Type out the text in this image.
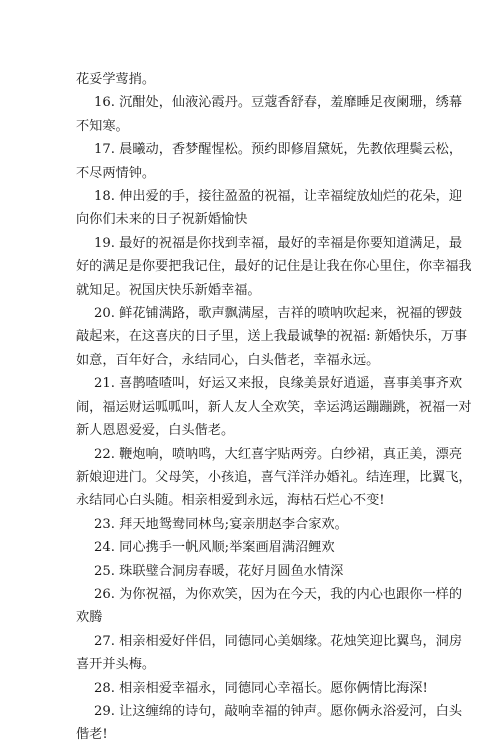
花妥学莺捎。

16. 沉酣处，仙液沁霞丹。豆蔻香舒春，羞靡睡足夜阑珊，绣幕
不知寒。

17. 晨曦动，香梦醒惺松。预约即修眉黛妩，先教依理鬓云松，
不尽两情钟。

18. 伸出爱的手，接往盈盈的祝福，让幸福绽放灿烂的花朵，迎
向你们未来的日子祝新婚愉快

19. 最好的祝福是你找到幸福，最好的幸福是你要知道满足，最
好的满足是你要把我记住，最好的记住是让我在你心里住，你幸福我
就知足。祝国庆快乐新婚幸福。

20. 鲜花铺满路，歌声飘满屋，吉祥的喷呐吹起来，祝福的锣鼓
敲起来，在这喜庆的日子里，送上我最诚挚的祝福: 新婚快乐，万事
如意，百年好合，永结同心，白头偕老，幸福永远。

21. 喜鹊喳喳叫，好运又来报，良缘美景好逍遥，喜事美事齐欢
闹，福运财运呱呱叫，新人友人全欢笑，幸运鸿运蹦蹦跳，祝福一对
新人恩恩爱爱，白头偕老。

22. 鞭炮响，喷呐鸣，大红喜字贴两旁。白纱裙，真正美，漂亮
新娘迎进门。父母笑，小孩追，喜气洋洋办婚礼。结连理，比翼飞，
永结同心白头随。相亲相爱到永远，海枯石烂心不变!

23. 拜天地鸳鸯同林鸟;宴亲朋赵李合家欢。

24. 同心携手一帆风顺;举案画眉满沼鲤欢

25. 珠联璧合洞房春暖，花好月圆鱼水情深

26. 为你祝福，为你欢笑，因为在今天，我的内心也跟你一样的
欢腾

27. 相亲相爱好伴侣，同德同心美姻缘。花烛笑迎比翼鸟，洞房
喜开并头梅。

28. 相亲相爱幸福永，同德同心幸福长。愿你俩情比海深!

29. 让这缠绵的诗句，敲响幸福的钟声。愿你俩永浴爱河，白头
偕老!
